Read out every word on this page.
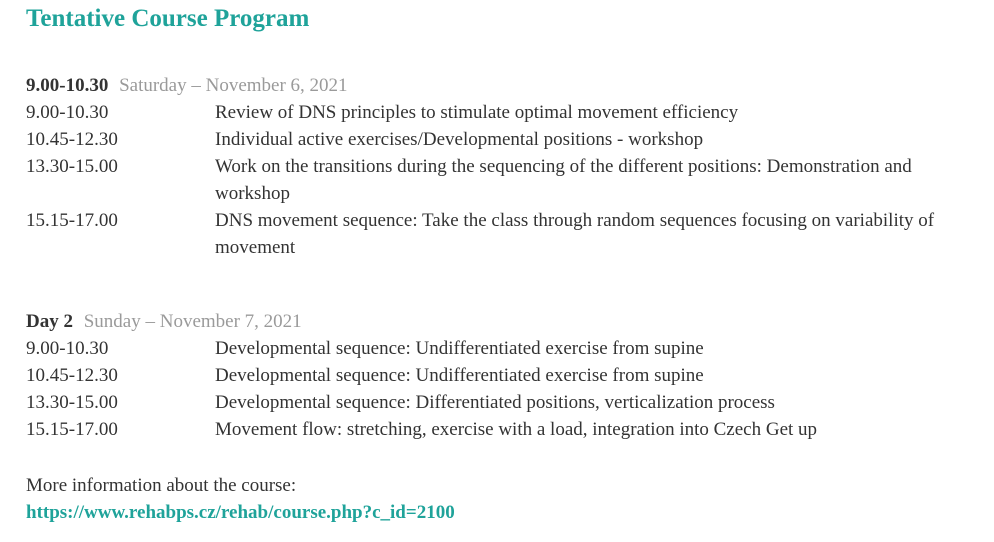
Tentative Course Program
9.00-10.30 Saturday – November 6, 2021
9.00-10.30	Review of DNS principles to stimulate optimal movement efficiency
10.45-12.30	Individual active exercises/Developmental positions - workshop
13.30-15.00	Work on the transitions during the sequencing of the different positions: Demonstration and workshop
15.15-17.00	DNS movement sequence: Take the class through random sequences focusing on variability of movement
Day 2 Sunday – November 7, 2021
9.00-10.30	Developmental sequence: Undifferentiated exercise from supine
10.45-12.30	Developmental sequence: Undifferentiated exercise from supine
13.30-15.00	Developmental sequence: Differentiated positions, verticalization process
15.15-17.00	Movement flow: stretching, exercise with a load, integration into Czech Get up
More information about the course:
https://www.rehabps.cz/rehab/course.php?c_id=2100
